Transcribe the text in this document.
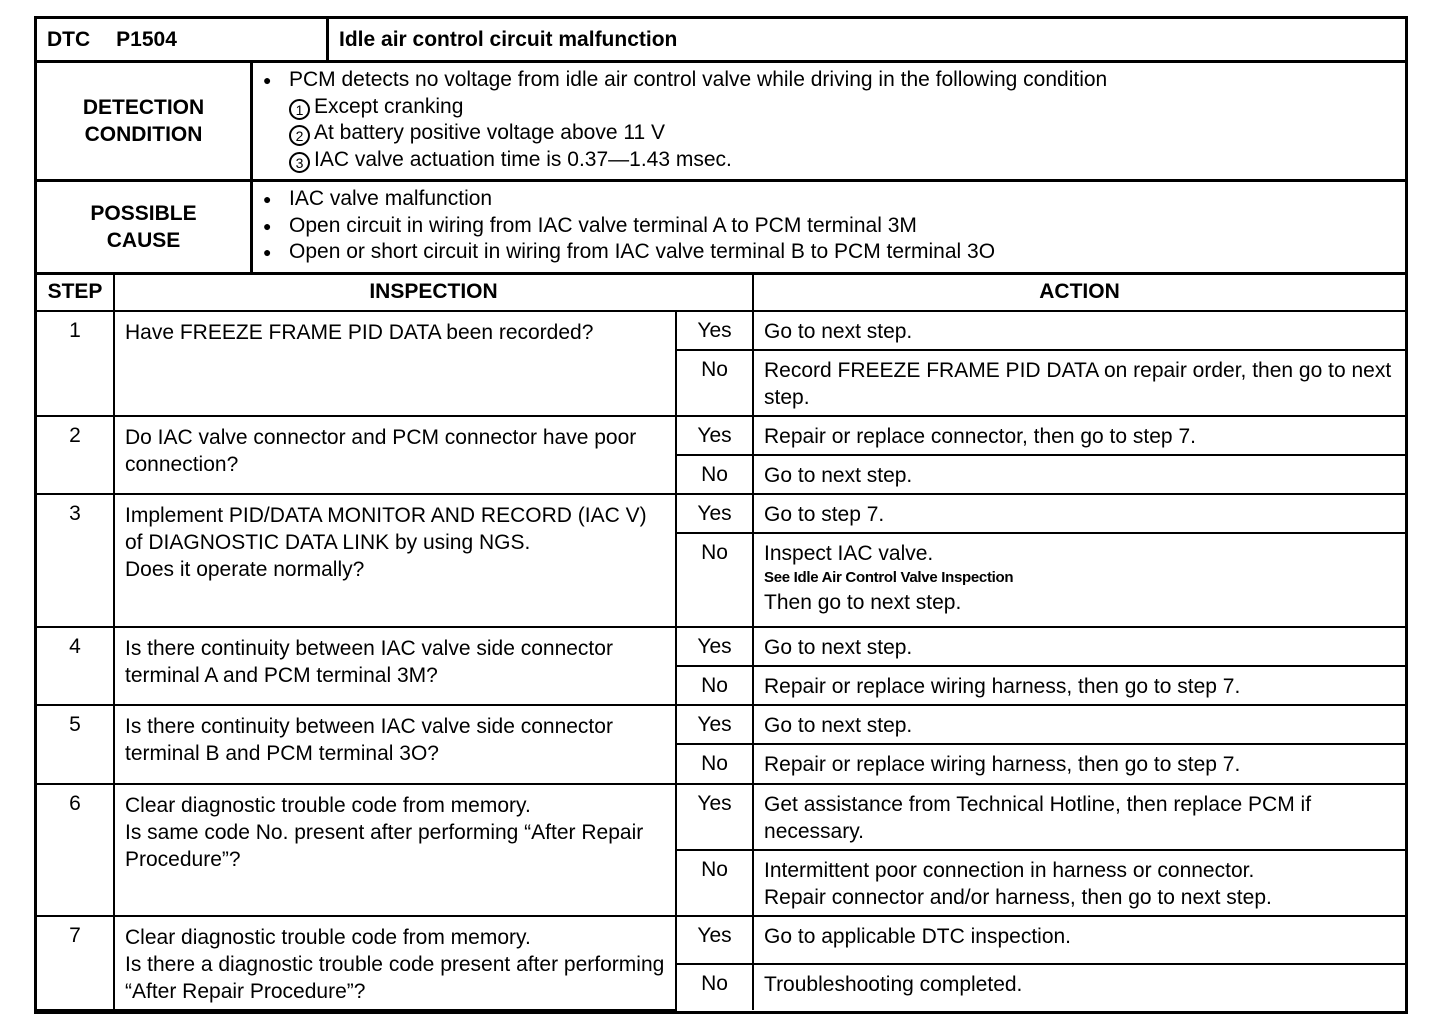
DTC P1504	Idle air control circuit malfunction
DETECTION
CONDITION
● PCM detects no voltage from idle air control valve while driving in the following condition
1 Except cranking
2 At battery positive voltage above 11 V
3 IAC valve actuation time is 0.37—1.43 msec.
POSSIBLE
CAUSE
● IAC valve malfunction
● Open circuit in wiring from IAC valve terminal A to PCM terminal 3M
● Open or short circuit in wiring from IAC valve terminal B to PCM terminal 3O
STEP	INSPECTION		ACTION
1	Have FREEZE FRAME PID DATA been recorded?	Yes	Go to next step.
		No	Record FREEZE FRAME PID DATA on repair order, then go to next step.
2	Do IAC valve connector and PCM connector have poor connection?	Yes	Repair or replace connector, then go to step 7.
		No	Go to next step.
3	Implement PID/DATA MONITOR AND RECORD (IAC V) of DIAGNOSTIC DATA LINK by using NGS.
Does it operate normally?	Yes	Go to step 7.
		No	Inspect IAC valve.
See Idle Air Control Valve Inspection
Then go to next step.

4	Is there continuity between IAC valve side connector terminal A and PCM terminal 3M?	Yes	Go to next step.
		No	Repair or replace wiring harness, then go to step 7.
5	Is there continuity between IAC valve side connector terminal B and PCM terminal 3O?	Yes	Go to next step.
		No	Repair or replace wiring harness, then go to step 7.
6	Clear diagnostic trouble code from memory.
Is same code No. present after performing “After Repair Procedure”?	Yes	Get assistance from Technical Hotline, then replace PCM if necessary.
		No	Intermittent poor connection in harness or connector.
Repair connector and/or harness, then go to next step.
7	Clear diagnostic trouble code from memory.
Is there a diagnostic trouble code present after performing “After Repair Procedure”?	Yes	Go to applicable DTC inspection.
		No	Troubleshooting completed.
